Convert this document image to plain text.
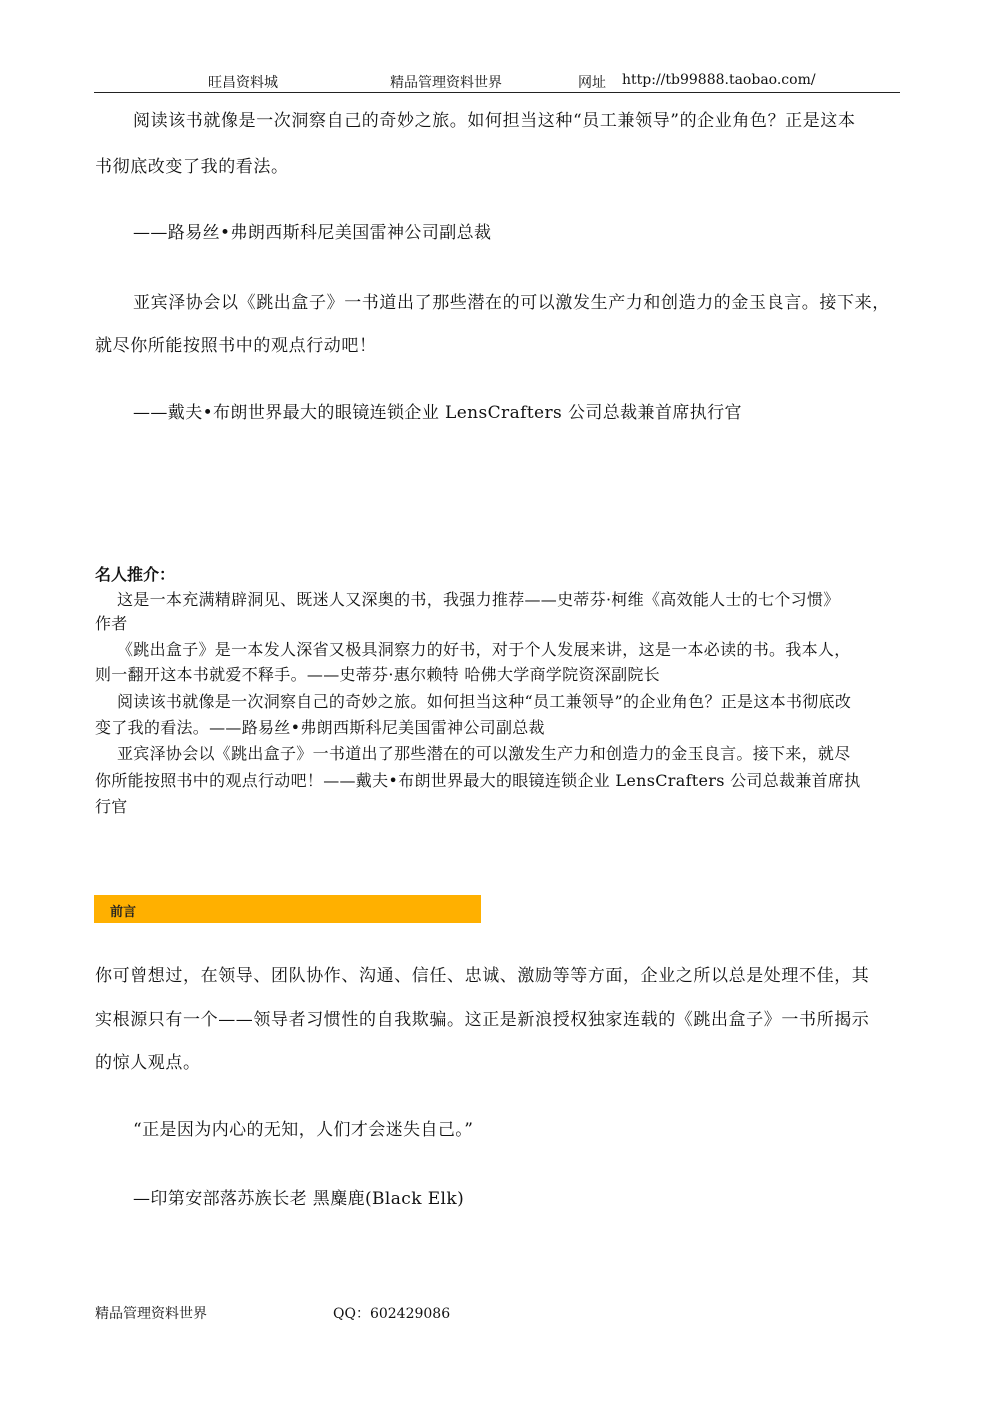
旺昌资料城	精品管理资料世界	网址 http://tb99888.taobao.com/
阅读该书就像是一次洞察自己的奇妙之旅。如何担当这种“员工兼领导”的企业角色？正是这本
书彻底改变了我的看法。
——路易丝•弗朗西斯科尼美国雷神公司副总裁
亚宾泽协会以《跳出盒子》一书道出了那些潜在的可以激发生产力和创造力的金玉良言。接下来，
就尽你所能按照书中的观点行动吧！
——戴夫•布朗世界最大的眼镜连锁企业 LensCrafters 公司总裁兼首席执行官
名人推介：
这是一本充满精辟洞见、既迷人又深奥的书，我强力推荐——史蒂芬·柯维《高效能人士的七个习惯》
作者
《跳出盒子》是一本发人深省又极具洞察力的好书，对于个人发展来讲，这是一本必读的书。我本人，
则一翻开这本书就爱不释手。——史蒂芬·惠尔赖特 哈佛大学商学院资深副院长
阅读该书就像是一次洞察自己的奇妙之旅。如何担当这种“员工兼领导”的企业角色？正是这本书彻底改
变了我的看法。——路易丝•弗朗西斯科尼美国雷神公司副总裁
亚宾泽协会以《跳出盒子》一书道出了那些潜在的可以激发生产力和创造力的金玉良言。接下来，就尽
你所能按照书中的观点行动吧！——戴夫•布朗世界最大的眼镜连锁企业 LensCrafters 公司总裁兼首席执
行官
前言
你可曾想过，在领导、团队协作、沟通、信任、忠诚、激励等等方面，企业之所以总是处理不佳，其
实根源只有一个——领导者习惯性的自我欺骗。这正是新浪授权独家连载的《跳出盒子》一书所揭示
的惊人观点。
“正是因为内心的无知，人们才会迷失自己。”
—印第安部落苏族长老 黑麋鹿(Black Elk)
精品管理资料世界	QQ：602429086
